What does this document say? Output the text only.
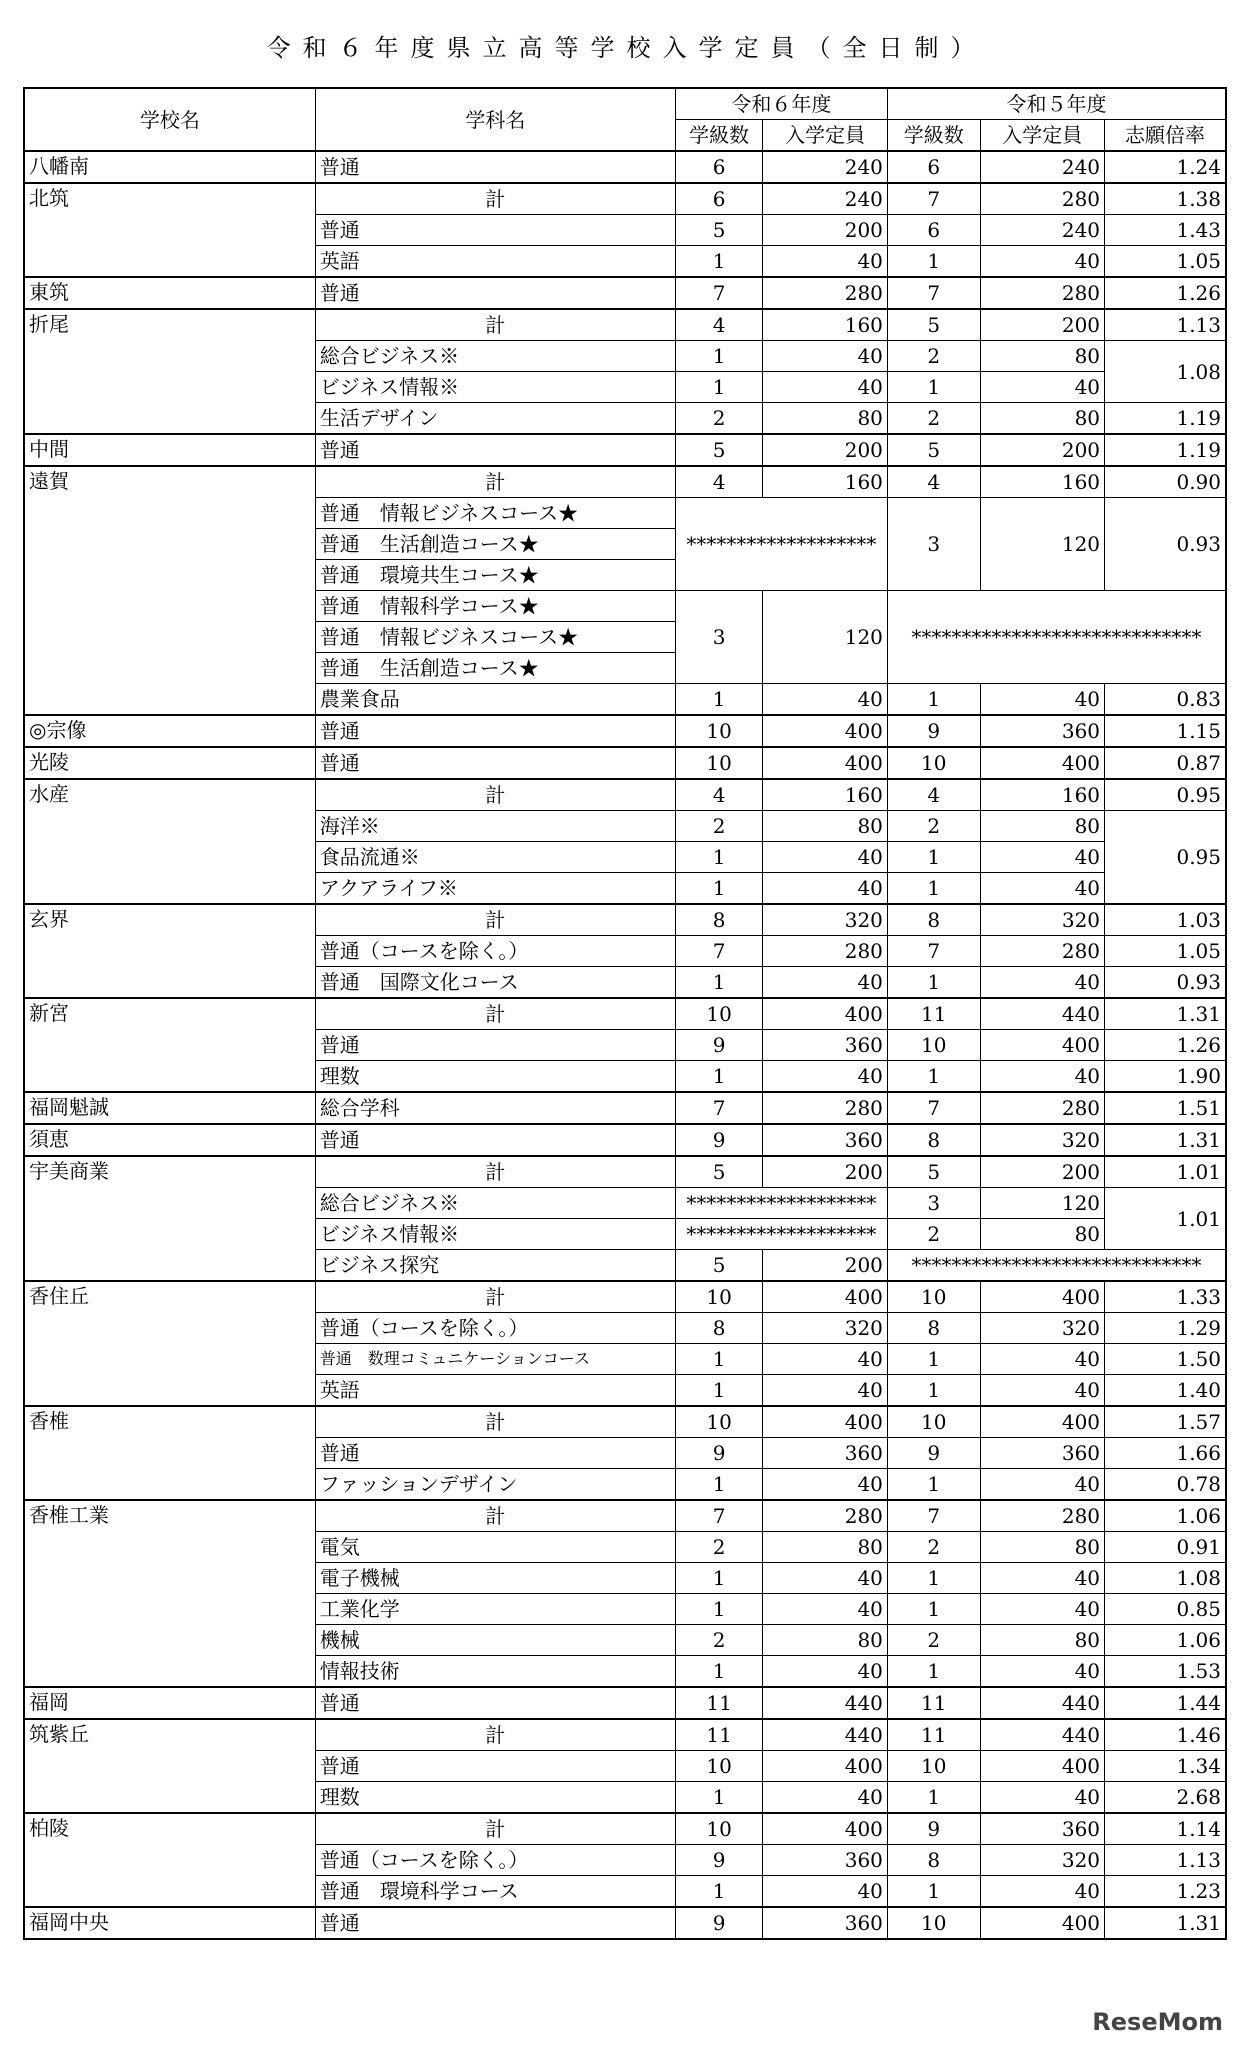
令和６年度県立高等学校入学定員（全日制）
学校名	学科名	令和６年度		令和５年度		
		学級数	入学定員	学級数	入学定員	志願倍率
八幡南	普通	6	240	6	240	1.24
北筑	計	6	240	7	280	1.38
	普通	5	200	6	240	1.43
	英語	1	40	1	40	1.05
東筑	普通	7	280	7	280	1.26
折尾	計	4	160	5	200	1.13
	総合ビジネス※	1	40	2	80	1.08
	ビジネス情報※	1	40	1	40	
	生活デザイン	2	80	2	80	1.19
中間	普通	5	200	5	200	1.19
遠賀	計	4	160	4	160	0.90
	普通　情報ビジネスコース★	*******************		3	120	0.93
	普通　生活創造コース★					
	普通　環境共生コース★					
	普通　情報科学コース★	3	120	*****************************		
	普通　情報ビジネスコース★					
	普通　生活創造コース★					
	農業食品	1	40	1	40	0.83
◎宗像	普通	10	400	9	360	1.15
光陵	普通	10	400	10	400	0.87
水産	計	4	160	4	160	0.95
	海洋※	2	80	2	80	0.95
	食品流通※	1	40	1	40	
	アクアライフ※	1	40	1	40	
玄界	計	8	320	8	320	1.03
	普通（コースを除く。）	7	280	7	280	1.05
	普通　国際文化コース	1	40	1	40	0.93
新宮	計	10	400	11	440	1.31
	普通	9	360	10	400	1.26
	理数	1	40	1	40	1.90
福岡魁誠	総合学科	7	280	7	280	1.51
須恵	普通	9	360	8	320	1.31
宇美商業	計	5	200	5	200	1.01
	総合ビジネス※	*******************		3	120	1.01
	ビジネス情報※	*******************		2	80	
	ビジネス探究	5	200	*****************************		
香住丘	計	10	400	10	400	1.33
	普通（コースを除く。）	8	320	8	320	1.29
	普通　数理コミュニケーションコース	1	40	1	40	1.50
	英語	1	40	1	40	1.40
香椎	計	10	400	10	400	1.57
	普通	9	360	9	360	1.66
	ファッションデザイン	1	40	1	40	0.78
香椎工業	計	7	280	7	280	1.06
	電気	2	80	2	80	0.91
	電子機械	1	40	1	40	1.08
	工業化学	1	40	1	40	0.85
	機械	2	80	2	80	1.06
	情報技術	1	40	1	40	1.53
福岡	普通	11	440	11	440	1.44
筑紫丘	計	11	440	11	440	1.46
	普通	10	400	10	400	1.34
	理数	1	40	1	40	2.68
柏陵	計	10	400	9	360	1.14
	普通（コースを除く。）	9	360	8	320	1.13
	普通　環境科学コース	1	40	1	40	1.23
福岡中央	普通	9	360	10	400	1.31
ReseMom
